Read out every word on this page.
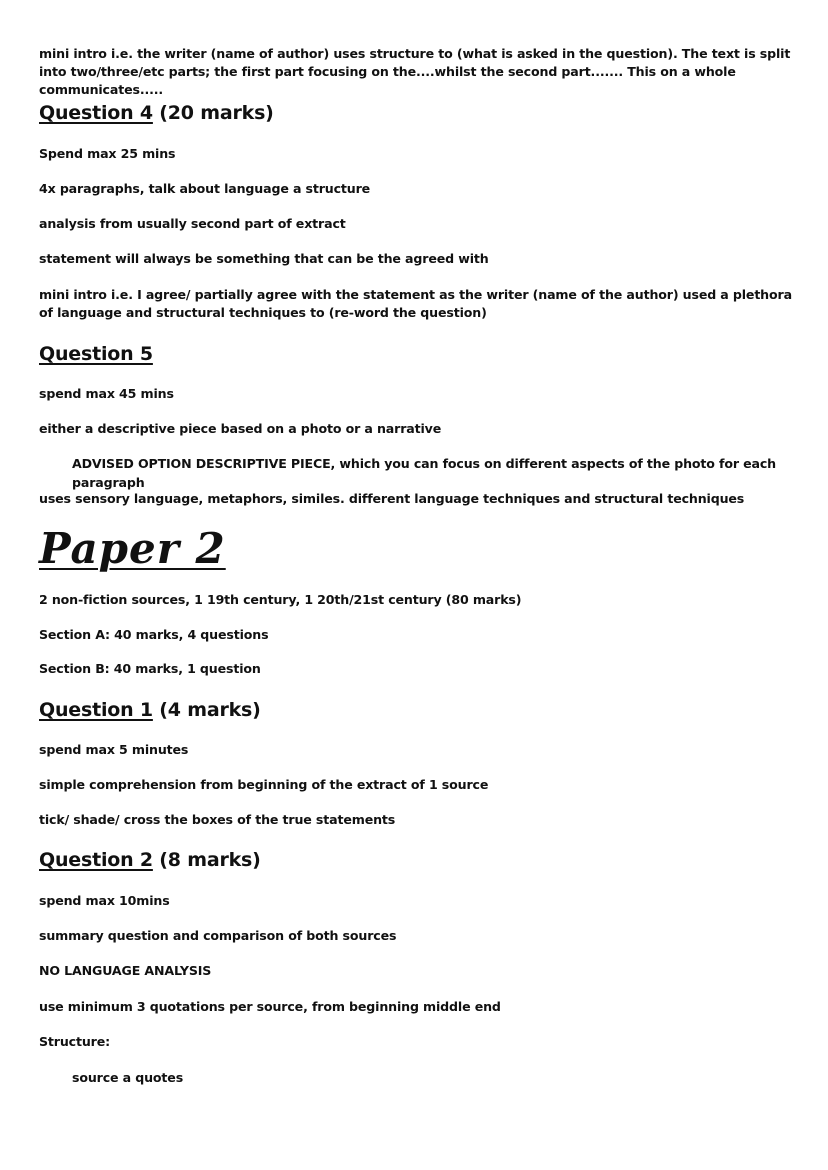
mini intro i.e. the writer (name of author) uses structure to (what is asked in the question). The text is split into two/three/etc parts; the first part focusing on the....whilst the second part....... This on a whole communicates.....

Question 4 (20 marks)

Spend max 25 mins

4x paragraphs, talk about language a structure

analysis from usually second part of extract

statement will always be something that can be the agreed with

mini intro i.e. I agree/ partially agree with the statement as the writer (name of the author) used a plethora of language and structural techniques to (re-word the question)

Question 5

spend max 45 mins

either a descriptive piece based on a photo or a narrative

ADVISED OPTION DESCRIPTIVE PIECE, which you can focus on different aspects of the photo for each paragraph

uses sensory language, metaphors, similes. different language techniques and structural techniques

Paper 2

2 non-fiction sources, 1 19th century, 1 20th/21st century (80 marks)

Section A: 40 marks, 4 questions

Section B: 40 marks, 1 question

Question 1 (4 marks)

spend max 5 minutes

simple comprehension from beginning of the extract of 1 source

tick/ shade/ cross the boxes of the true statements

Question 2 (8 marks)

spend max 10mins

summary question and comparison of both sources

NO LANGUAGE ANALYSIS

use minimum 3 quotations per source, from beginning middle end

Structure:

source a quotes
